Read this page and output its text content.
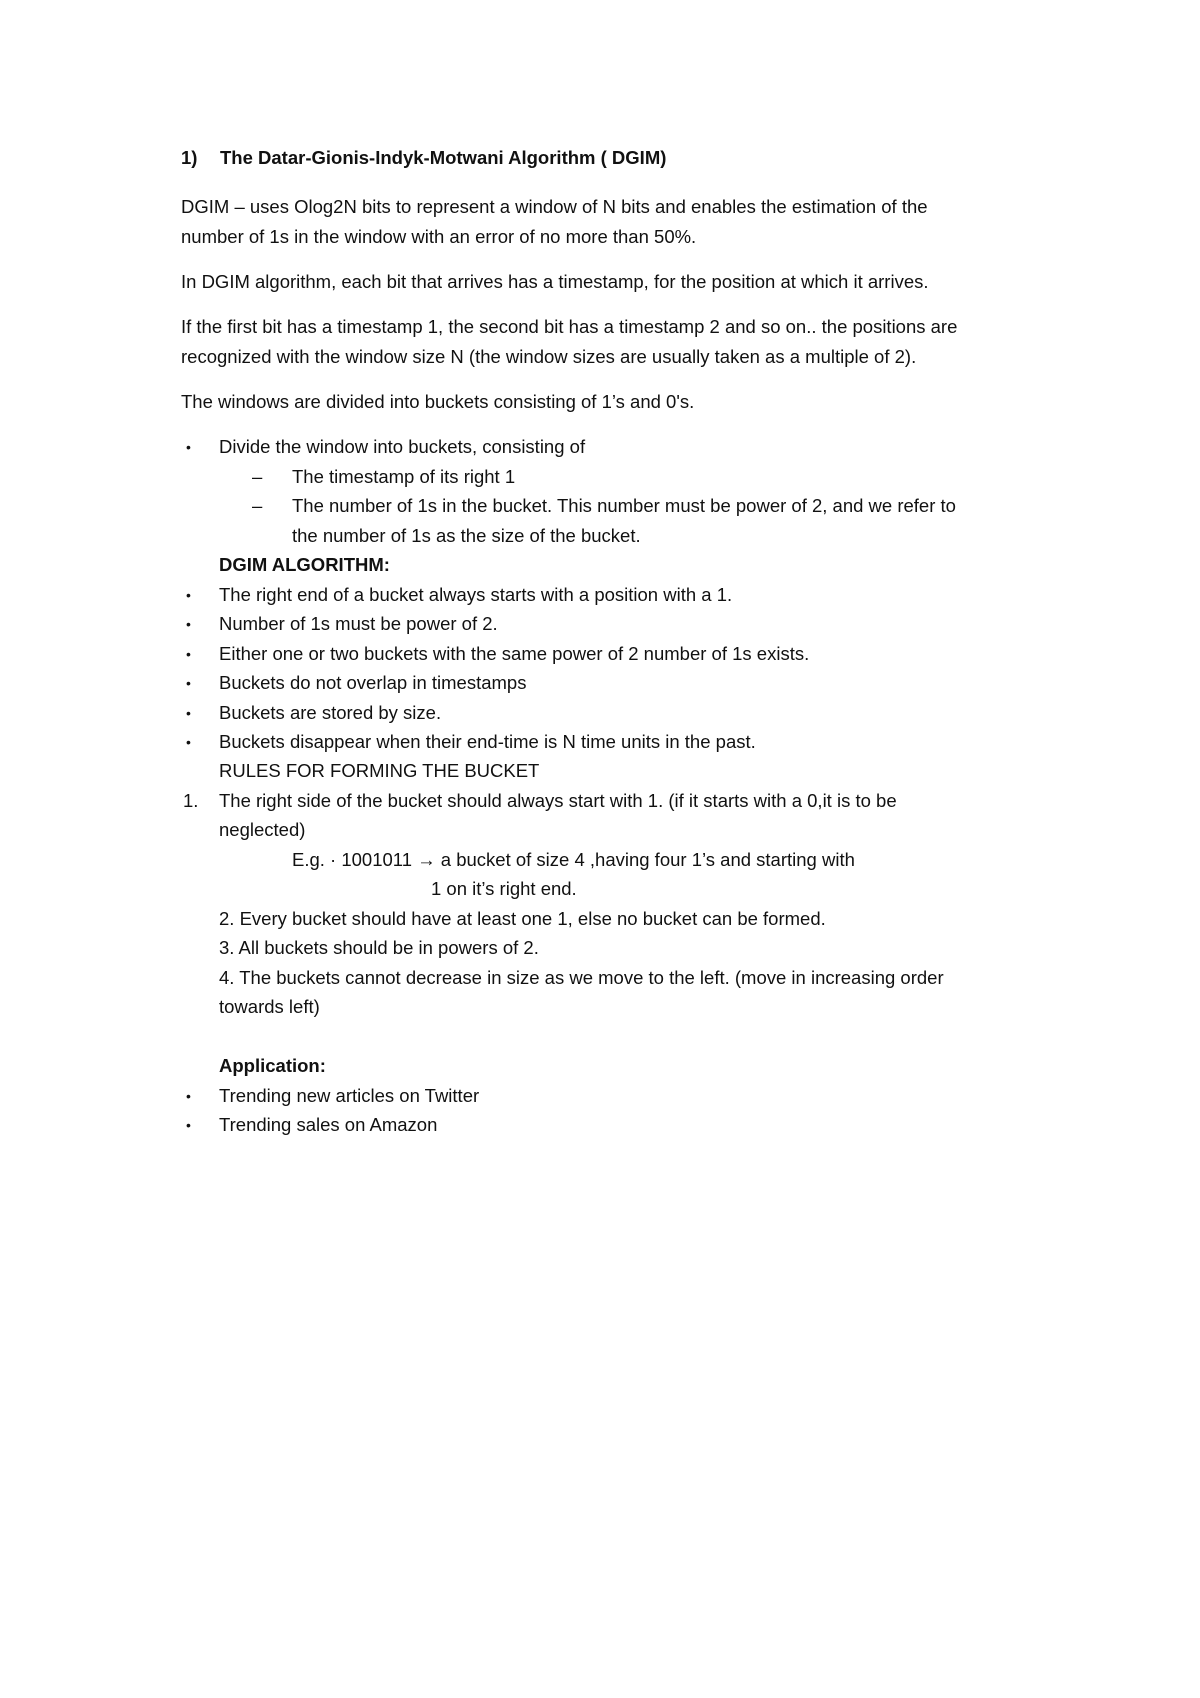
1) The Datar-Gionis-Indyk-Motwani Algorithm ( DGIM)
DGIM – uses Olog2N bits to represent a window of N bits and enables the estimation of the
number of 1s in the window with an error of no more than 50%.
In DGIM algorithm, each bit that arrives has a timestamp, for the position at which it arrives.
If the first bit has a timestamp 1, the second bit has a timestamp 2 and so on.. the positions are
recognized with the window size N (the window sizes are usually taken as a multiple of 2).
The windows are divided into buckets consisting of 1’s and 0's.
• Divide the window into buckets, consisting of
– The timestamp of its right 1
– The number of 1s in the bucket. This number must be power of 2, and we refer to
the number of 1s as the size of the bucket.
DGIM ALGORITHM:
• The right end of a bucket always starts with a position with a 1.
• Number of 1s must be power of 2.
• Either one or two buckets with the same power of 2 number of 1s exists.
• Buckets do not overlap in timestamps
• Buckets are stored by size.
• Buckets disappear when their end-time is N time units in the past.
RULES FOR FORMING THE BUCKET
1. The right side of the bucket should always start with 1. (if it starts with a 0,it is to be
neglected)
E.g. · 1001011 → a bucket of size 4 ,having four 1’s and starting with
1 on it’s right end.
2. Every bucket should have at least one 1, else no bucket can be formed.
3. All buckets should be in powers of 2.
4. The buckets cannot decrease in size as we move to the left. (move in increasing order
towards left)
Application:
• Trending new articles on Twitter
• Trending sales on Amazon
